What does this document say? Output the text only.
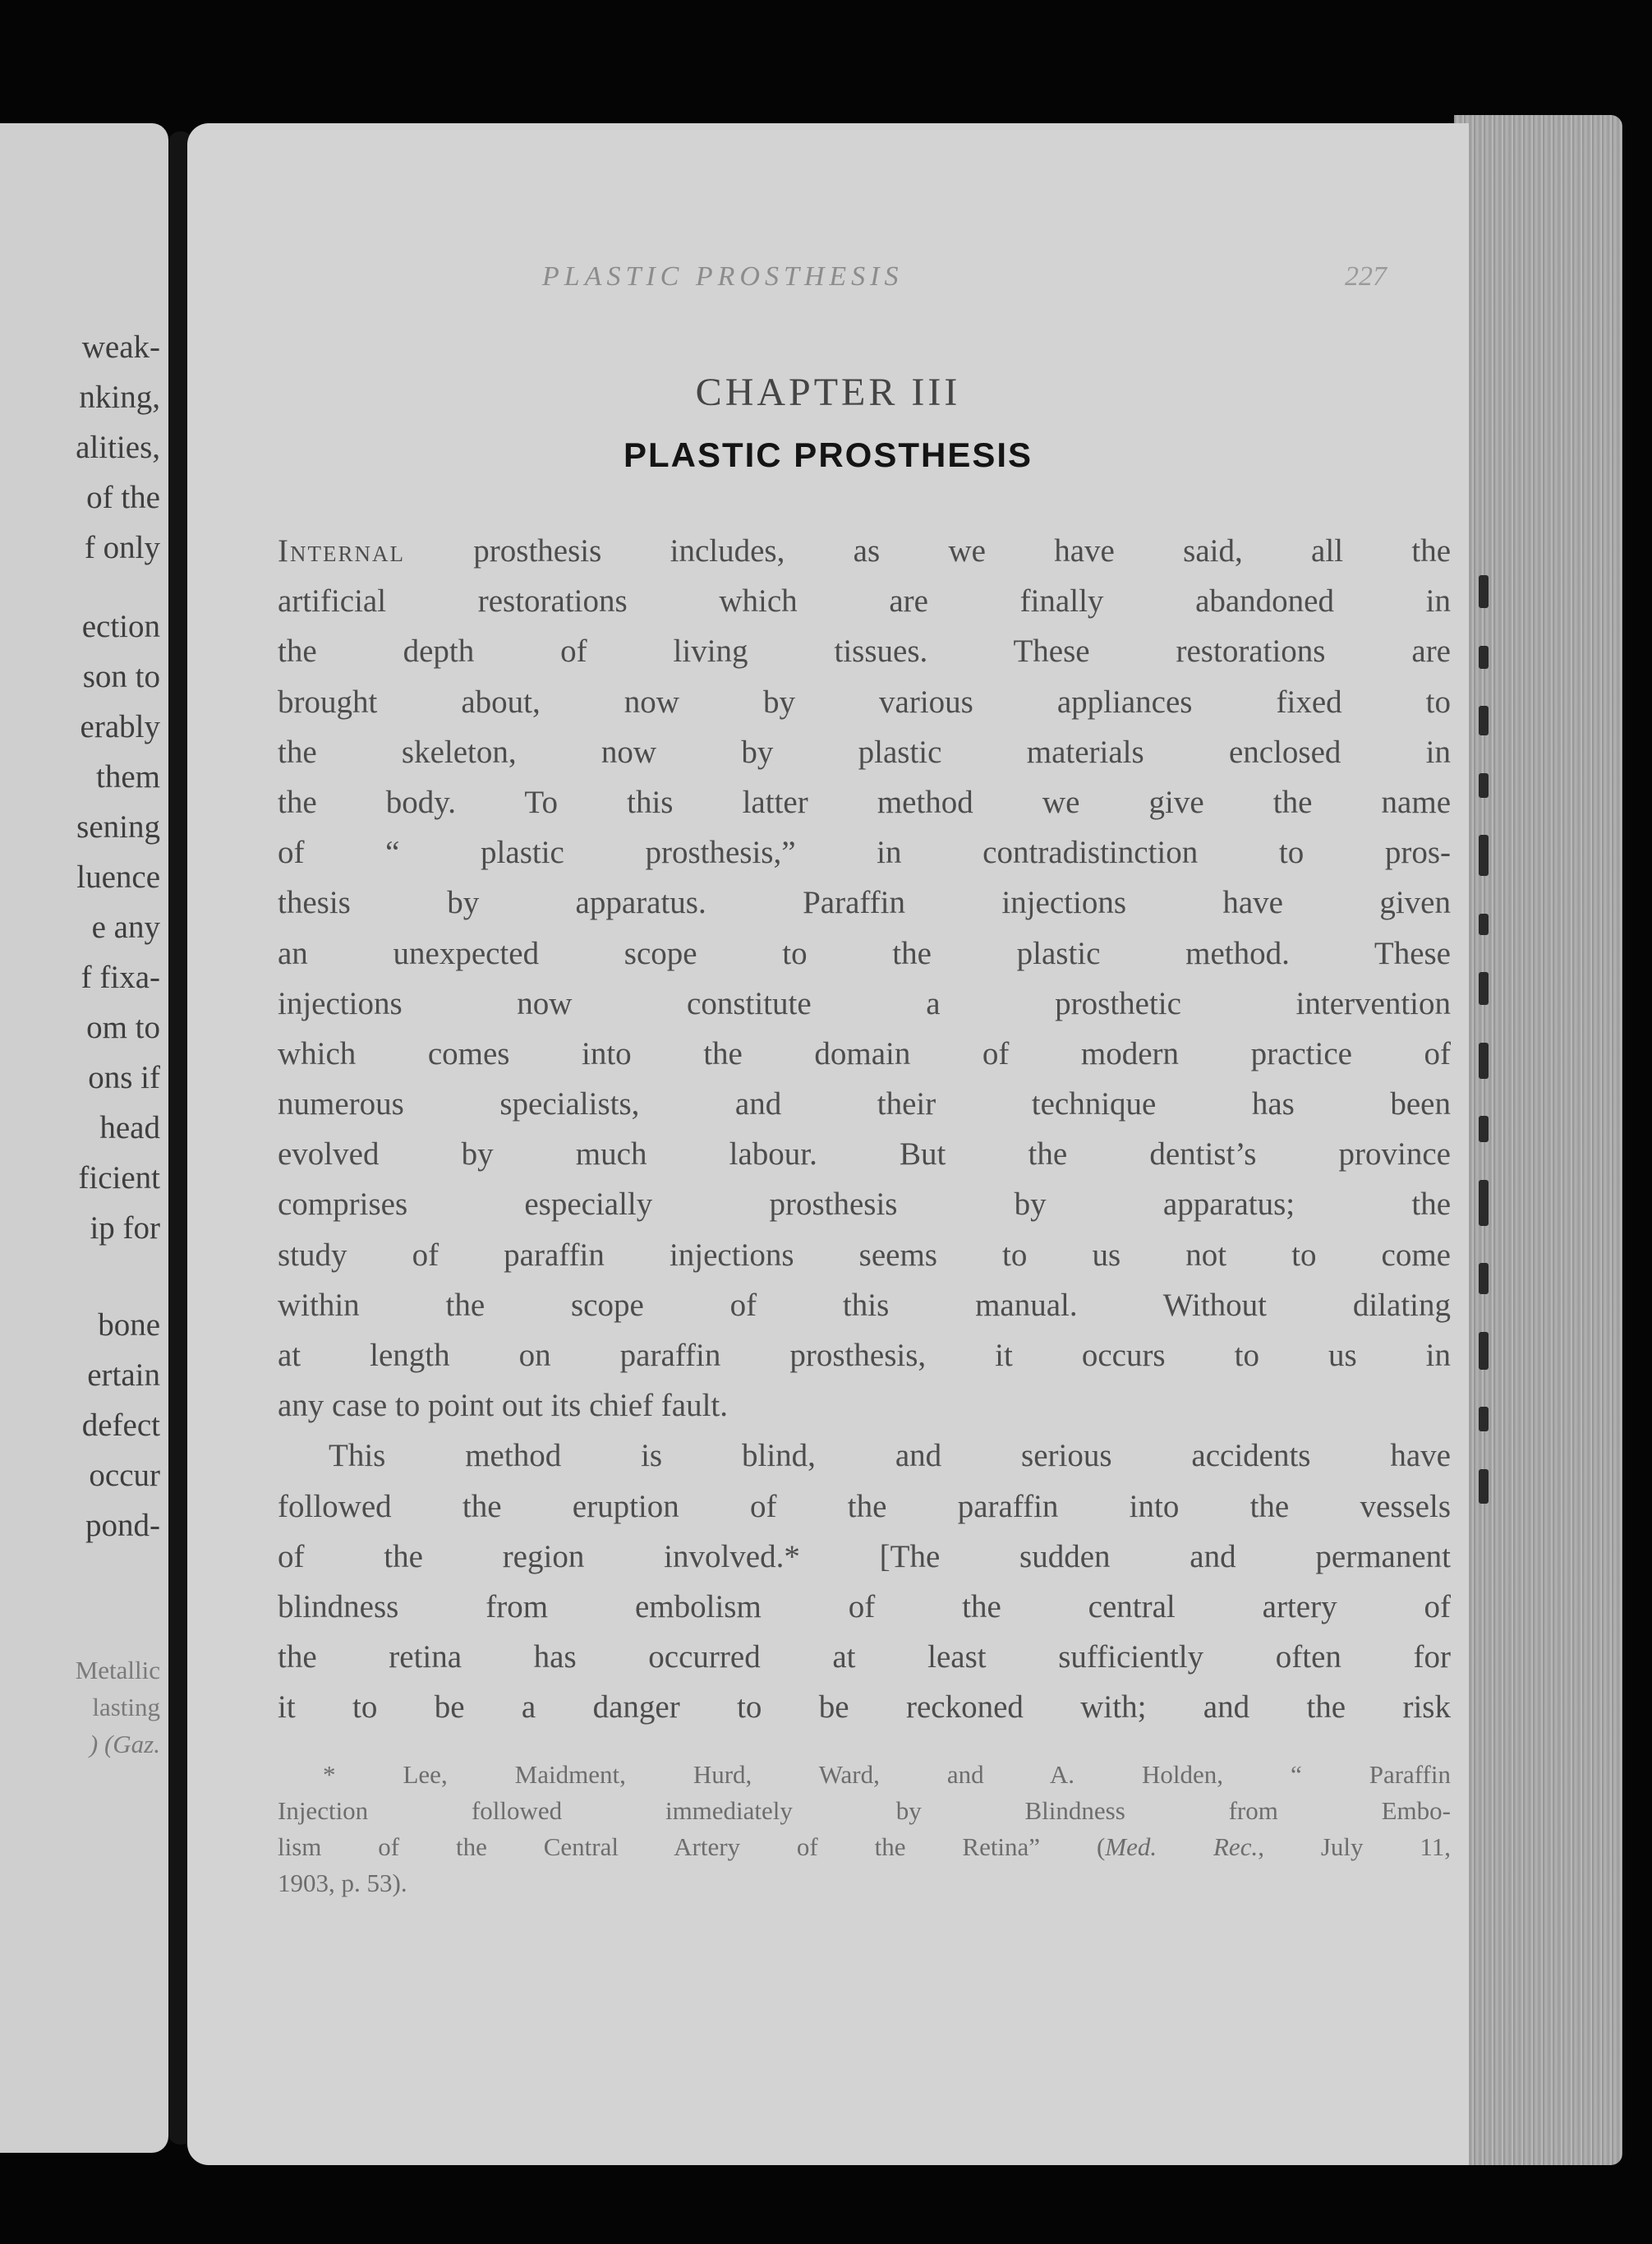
weak-
nking,
alities,
of the
f only
ection
son to
erably
them
sening
luence
e any
f fixa-
om to
ons if
head
ficient
ip for
bone
ertain
defect
occur
pond-
Metallic
lasting
) (Gaz.
PLASTIC PROSTHESIS	227
CHAPTER III
PLASTIC PROSTHESIS
Internal prosthesis includes, as we have said, all the
artificial restorations which are finally abandoned in
the depth of living tissues. These restorations are
brought about, now by various appliances fixed to
the skeleton, now by plastic materials enclosed in
the body. To this latter method we give the name
of “ plastic prosthesis,” in contradistinction to pros-
thesis by apparatus. Paraffin injections have given
an unexpected scope to the plastic method. These
injections now constitute a prosthetic intervention
which comes into the domain of modern practice of
numerous specialists, and their technique has been
evolved by much labour. But the dentist’s province
comprises especially prosthesis by apparatus; the
study of paraffin injections seems to us not to come
within the scope of this manual. Without dilating
at length on paraffin prosthesis, it occurs to us in
any case to point out its chief fault.
This method is blind, and serious accidents have
followed the eruption of the paraffin into the vessels
of the region involved.* [The sudden and permanent
blindness from embolism of the central artery of
the retina has occurred at least sufficiently often for
it to be a danger to be reckoned with; and the risk
* Lee, Maidment, Hurd, Ward, and A. Holden, “ Paraffin
Injection followed immediately by Blindness from Embo-
lism of the Central Artery of the Retina” (Med. Rec., July 11,
1903, p. 53).
